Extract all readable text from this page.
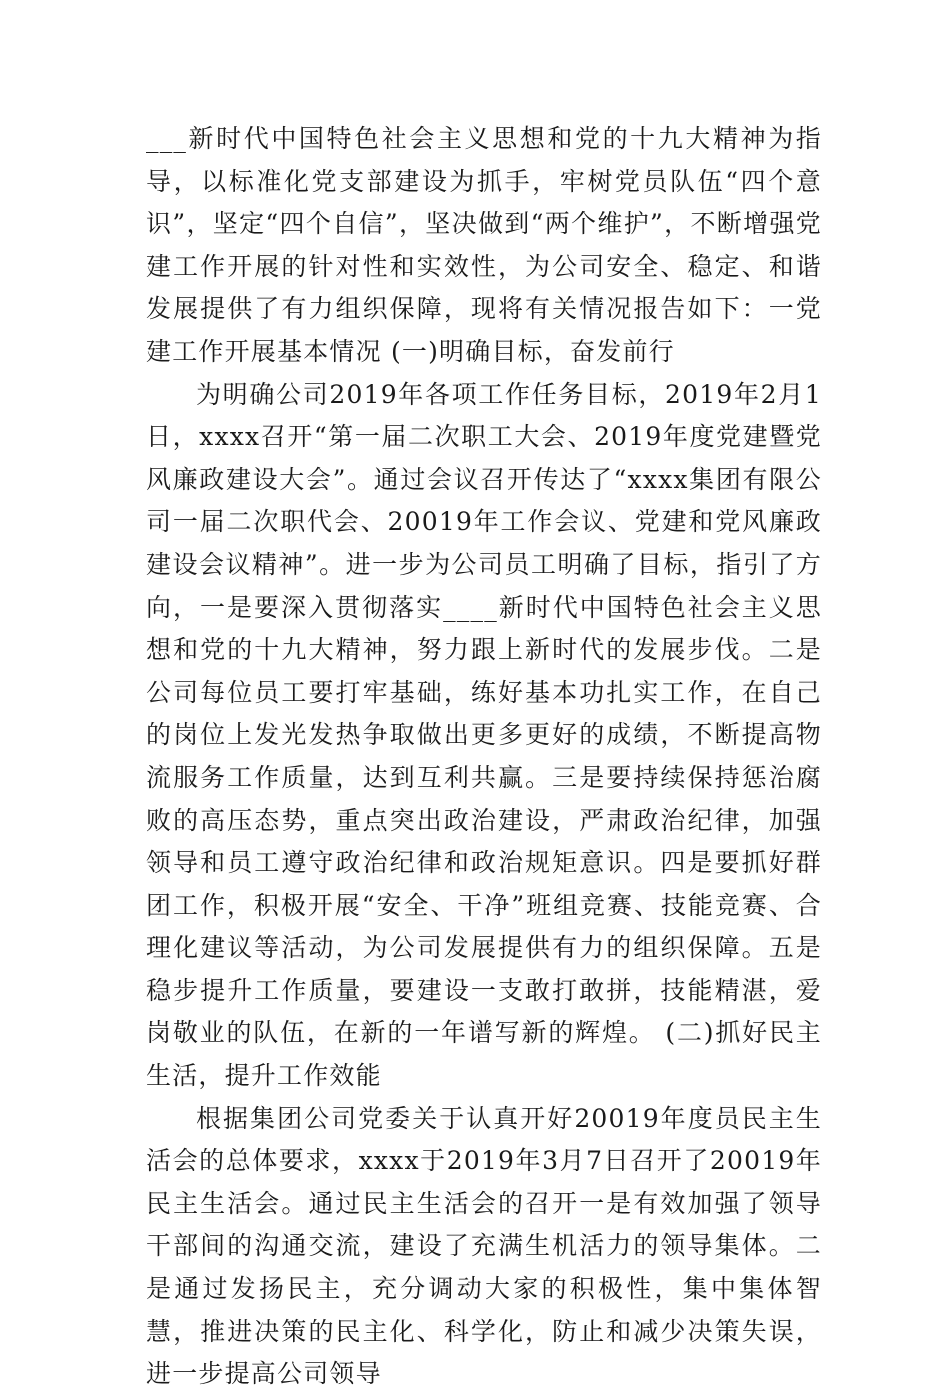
___新时代中国特色社会主义思想和党的十九大精神为指导，以标准化党支部建设为抓手，牢树党员队伍“四个意识”，坚定“四个自信”，坚决做到“两个维护”，不断增强党建工作开展的针对性和实效性，为公司安全、稳定、和谐发展提供了有力组织保障，现将有关情况报告如下：一党建工作开展基本情况 (一)明确目标，奋发前行

为明确公司2019年各项工作任务目标，2019年2月1日，xxxx召开“第一届二次职工大会、2019年度党建暨党风廉政建设大会”。通过会议召开传达了“xxxx集团有限公司一届二次职代会、20019年工作会议、党建和党风廉政建设会议精神”。进一步为公司员工明确了目标，指引了方向，一是要深入贯彻落实____新时代中国特色社会主义思想和党的十九大精神，努力跟上新时代的发展步伐。二是公司每位员工要打牢基础，练好基本功扎实工作，在自己的岗位上发光发热争取做出更多更好的成绩，不断提高物流服务工作质量，达到互利共赢。三是要持续保持惩治腐败的高压态势，重点突出政治建设，严肃政治纪律，加强领导和员工遵守政治纪律和政治规矩意识。四是要抓好群团工作，积极开展“安全、干净”班组竞赛、技能竞赛、合理化建议等活动，为公司发展提供有力的组织保障。五是稳步提升工作质量，要建设一支敢打敢拼，技能精湛，爱岗敬业的队伍，在新的一年谱写新的辉煌。 (二)抓好民主生活，提升工作效能

根据集团公司党委关于认真开好20019年度员民主生活会的总体要求，xxxx于2019年3月7日召开了20019年民主生活会。通过民主生活会的召开一是有效加强了领导干部间的沟通交流，建设了充满生机活力的领导集体。二是通过发扬民主，充分调动大家的积极性，集中集体智慧，推进决策的民主化、科学化，防止和减少决策失误，进一步提高公司领导
